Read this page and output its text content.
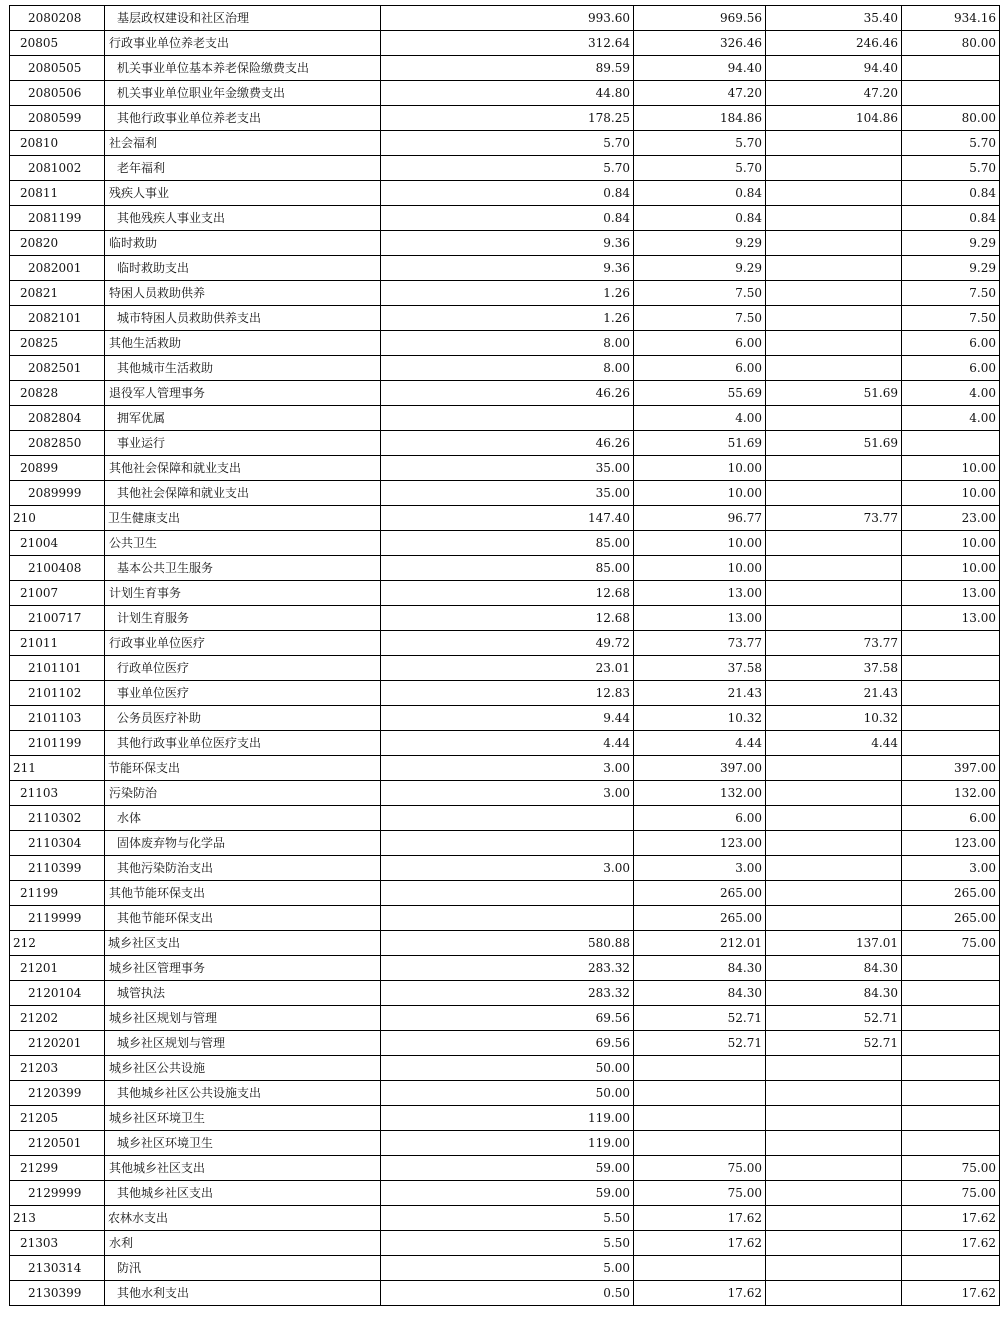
2080208	基层政权建设和社区治理	993.60	969.56	35.40	934.16
20805	行政事业单位养老支出	312.64	326.46	246.46	80.00
2080505	机关事业单位基本养老保险缴费支出	89.59	94.40	94.40	
2080506	机关事业单位职业年金缴费支出	44.80	47.20	47.20	
2080599	其他行政事业单位养老支出	178.25	184.86	104.86	80.00
20810	社会福利	5.70	5.70		5.70
2081002	老年福利	5.70	5.70		5.70
20811	残疾人事业	0.84	0.84		0.84
2081199	其他残疾人事业支出	0.84	0.84		0.84
20820	临时救助	9.36	9.29		9.29
2082001	临时救助支出	9.36	9.29		9.29
20821	特困人员救助供养	1.26	7.50		7.50
2082101	城市特困人员救助供养支出	1.26	7.50		7.50
20825	其他生活救助	8.00	6.00		6.00
2082501	其他城市生活救助	8.00	6.00		6.00
20828	退役军人管理事务	46.26	55.69	51.69	4.00
2082804	拥军优属		4.00		4.00
2082850	事业运行	46.26	51.69	51.69	
20899	其他社会保障和就业支出	35.00	10.00		10.00
2089999	其他社会保障和就业支出	35.00	10.00		10.00
210	卫生健康支出	147.40	96.77	73.77	23.00
21004	公共卫生	85.00	10.00		10.00
2100408	基本公共卫生服务	85.00	10.00		10.00
21007	计划生育事务	12.68	13.00		13.00
2100717	计划生育服务	12.68	13.00		13.00
21011	行政事业单位医疗	49.72	73.77	73.77	
2101101	行政单位医疗	23.01	37.58	37.58	
2101102	事业单位医疗	12.83	21.43	21.43	
2101103	公务员医疗补助	9.44	10.32	10.32	
2101199	其他行政事业单位医疗支出	4.44	4.44	4.44	
211	节能环保支出	3.00	397.00		397.00
21103	污染防治	3.00	132.00		132.00
2110302	水体		6.00		6.00
2110304	固体废弃物与化学品		123.00		123.00
2110399	其他污染防治支出	3.00	3.00		3.00
21199	其他节能环保支出		265.00		265.00
2119999	其他节能环保支出		265.00		265.00
212	城乡社区支出	580.88	212.01	137.01	75.00
21201	城乡社区管理事务	283.32	84.30	84.30	
2120104	城管执法	283.32	84.30	84.30	
21202	城乡社区规划与管理	69.56	52.71	52.71	
2120201	城乡社区规划与管理	69.56	52.71	52.71	
21203	城乡社区公共设施	50.00			
2120399	其他城乡社区公共设施支出	50.00			
21205	城乡社区环境卫生	119.00			
2120501	城乡社区环境卫生	119.00			
21299	其他城乡社区支出	59.00	75.00		75.00
2129999	其他城乡社区支出	59.00	75.00		75.00
213	农林水支出	5.50	17.62		17.62
21303	水利	5.50	17.62		17.62
2130314	防汛	5.00			
2130399	其他水利支出	0.50	17.62		17.62
